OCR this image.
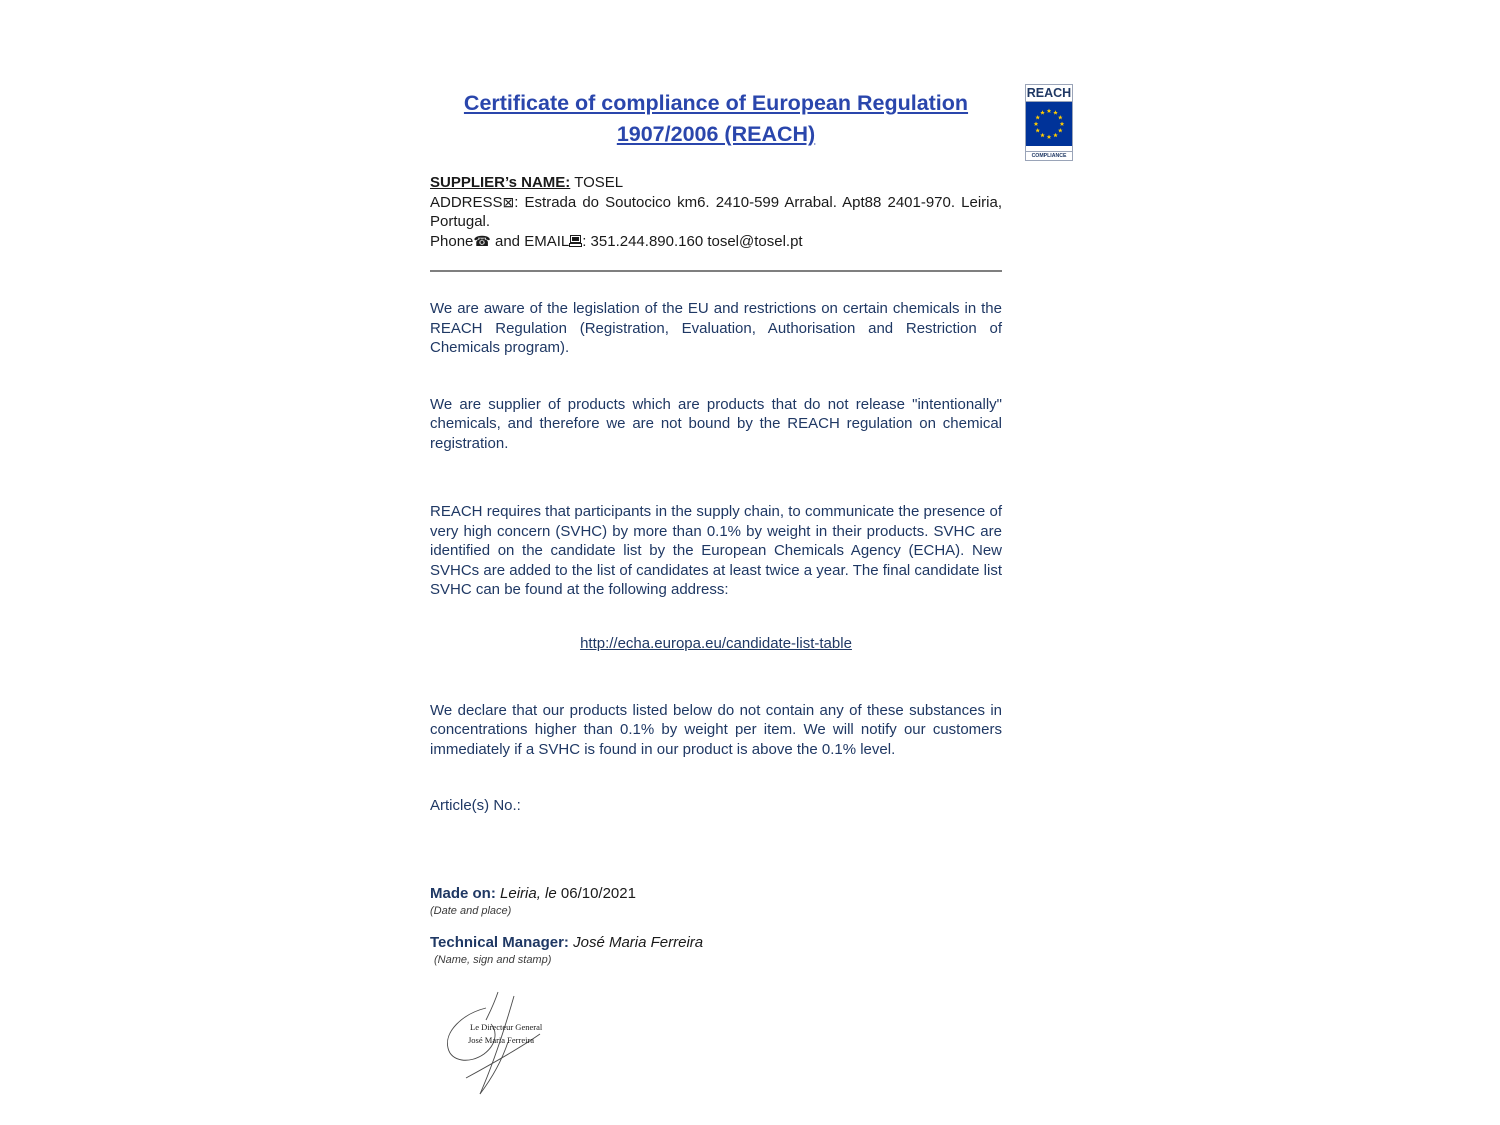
REACH
COMPLIANCE
Certificate of compliance of European Regulation
1907/2006 (REACH)
SUPPLIER’s NAME: TOSEL
ADDRESS⊠: Estrada do Soutocico km6. 2410-599 Arrabal. Apt88 2401-970. Leiria, Portugal.
Phone☎ and EMAIL : 351.244.890.160 tosel@tosel.pt

We are aware of the legislation of the EU and restrictions on certain chemicals in the REACH Regulation (Registration, Evaluation, Authorisation and Restriction of Chemicals program).

We are supplier of products which are products that do not release "intentionally" chemicals, and therefore we are not bound by the REACH regulation on chemical registration.

REACH requires that participants in the supply chain, to communicate the presence of very high concern (SVHC) by more than 0.1% by weight in their products. SVHC are identified on the candidate list by the European Chemicals Agency (ECHA). New SVHCs are added to the list of candidates at least twice a year. The final candidate list SVHC can be found at the following address:

http://echa.europa.eu/candidate-list-table

We declare that our products listed below do not contain any of these substances in concentrations higher than 0.1% by weight per item. We will notify our customers immediately if a SVHC is found in our product is above the 0.1% level.

Article(s) No.:
Made on: Leiria, le 06/10/2021
(Date and place)
Technical Manager: José Maria Ferreira
(Name, sign and stamp)
Le Directeur General
José Maria Ferreira
